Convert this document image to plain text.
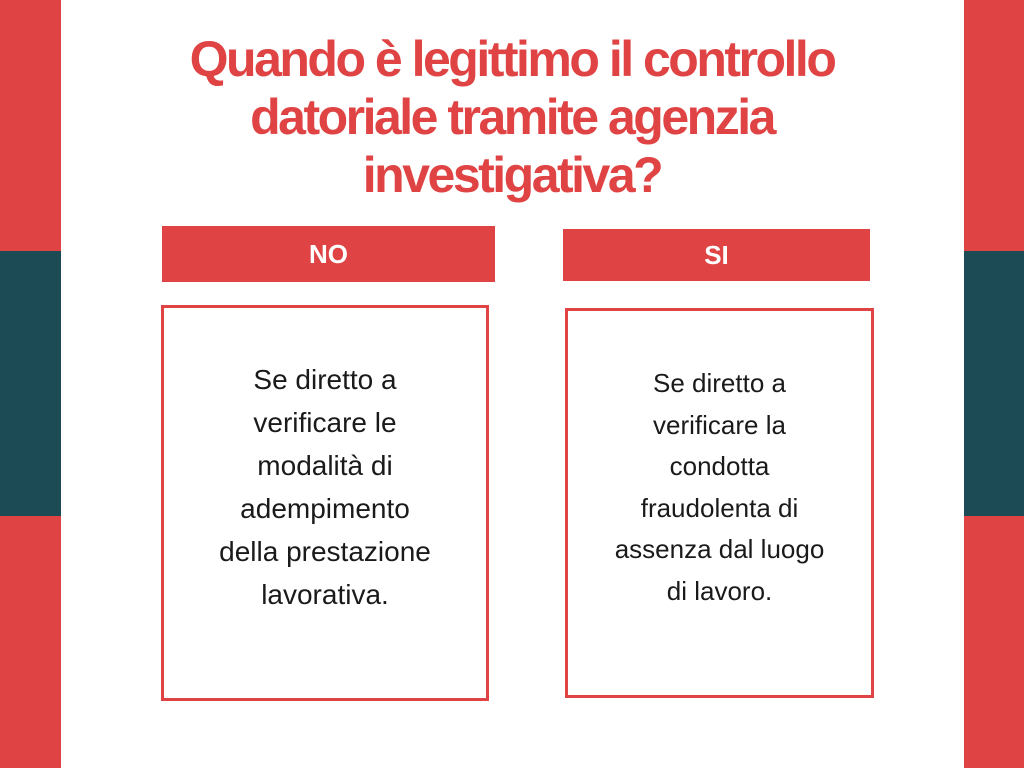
Quando è legittimo il controllo datoriale tramite agenzia investigativa?
NO	SI

Se diretto a verificare le modalità di adempimento della prestazione lavorativa.

Se diretto a verificare la condotta fraudolenta di assenza dal luogo di lavoro.
